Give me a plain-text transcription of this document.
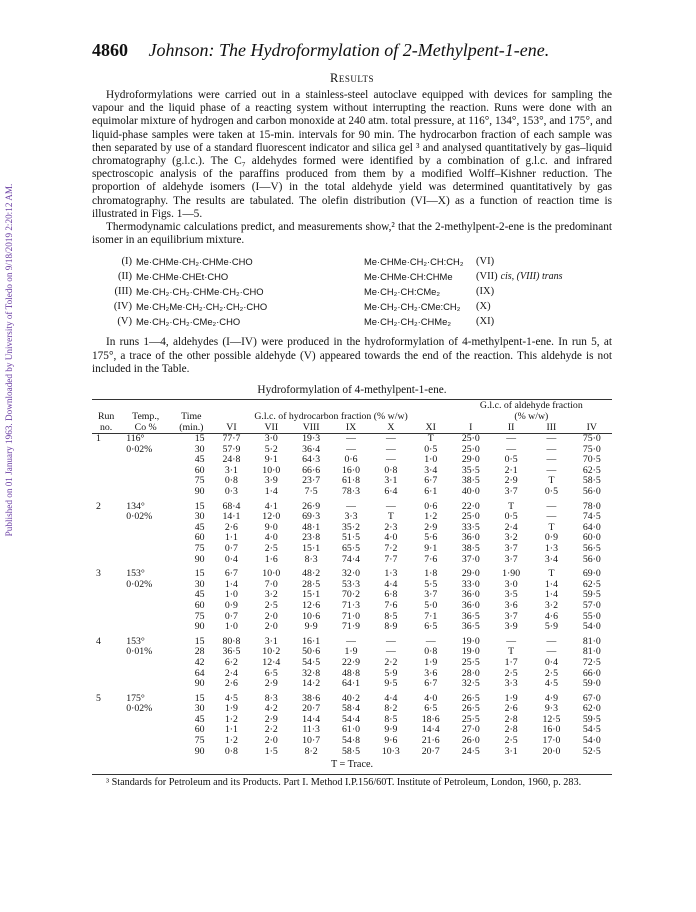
Published on 01 January 1963. Downloaded by University of Toledo on 9/18/2019 2:20:12 AM.
4860 Johnson: The Hydroformylation of 2-Methylpent-1-ene.
Results

Hydroformylations were carried out in a stainless-steel autoclave equipped with devices for sampling the vapour and the liquid phase of a reacting system without interrupting the reaction. Runs were done with an equimolar mixture of hydrogen and carbon monoxide at 240 atm. total pressure, at 116°, 134°, 153°, and 175°, and liquid-phase samples were taken at 15-min. intervals for 90 min. The hydrocarbon fraction of each sample was then separated by use of a standard fluorescent indicator and silica gel ³ and analysed quantitatively by gas–liquid chromatography (g.l.c.). The C₇ aldehydes formed were identified by a combination of g.l.c. and infrared spectroscopic analysis of the paraffins produced from them by a modified Wolff–Kishner reduction. The proportion of aldehyde isomers (I—V) in the total aldehyde yield was determined quantitatively by gas chromatography. The results are tabulated. The olefin distribution (VI—X) as a function of reaction time is illustrated in Figs. 1—5.

Thermodynamic calculations predict, and measurements show,² that the 2-methylpent-2-ene is the predominant isomer in an equilibrium mixture.

(I) Me·CHMe·CH₂·CHMe·CHO
(II) Me·CHMe·CHEt·CHO
(III) Me·CH₂·CH₂·CHMe·CH₂·CHO
(IV) Me·CH₂Me·CH₂·CH₂·CH₂·CHO
(V) Me·CH₂·CH₂·CMe₂·CHO
Me·CHMe·CH₂·CH:CH₂	(VI)
Me·CHMe·CH:CHMe	(VII) cis, (VIII) trans
Me·CH₂·CH:CMe₂	(IX)
Me·CH₂·CH₂·CMe:CH₂	(X)
Me·CH₂·CH₂·CHMe₂	(XI)

In runs 1—4, aldehydes (I—IV) were produced in the hydroformylation of 4-methylpent-1-ene. In run 5, at 175°, a trace of the other possible aldehyde (V) appeared towards the end of the reaction. This aldehyde is not included in the Table.

Hydroformylation of 4-methylpent-1-ene.
									G.l.c. of aldehyde fraction			
Run	Temp.,	Time	G.l.c. of hydrocarbon fraction (% w/w)						(% w/w)			
no.	Co %	(min.)	VI	VII	VIII	IX	X	XI	I	II	III	IV
1	116°	15	77·7	3·0	19·3	—	—	T	25·0	—	—	75·0
	0·02%	30	57·9	5·2	36·4	—	—	0·5	25·0	—	—	75·0
		45	24·8	9·1	64·3	0·6	—	1·0	29·0	0·5	—	70·5
		60	3·1	10·0	66·6	16·0	0·8	3·4	35·5	2·1	—	62·5
		75	0·8	3·9	23·7	61·8	3·1	6·7	38·5	2·9	T	58·5
		90	0·3	1·4	7·5	78·3	6·4	6·1	40·0	3·7	0·5	56·0
2	134°	15	68·4	4·1	26·9	—	—	0·6	22·0	T	—	78·0
	0·02%	30	14·1	12·0	69·3	3·3	T	1·2	25·0	0·5	—	74·5
		45	2·6	9·0	48·1	35·2	2·3	2·9	33·5	2·4	T	64·0
		60	1·1	4·0	23·8	51·5	4·0	5·6	36·0	3·2	0·9	60·0
		75	0·7	2·5	15·1	65·5	7·2	9·1	38·5	3·7	1·3	56·5
		90	0·4	1·6	8·3	74·4	7·7	7·6	37·0	3·7	3·4	56·0
3	153°	15	6·7	10·0	48·2	32·0	1·3	1·8	29·0	1·90	T	69·0
	0·02%	30	1·4	7·0	28·5	53·3	4·4	5·5	33·0	3·0	1·4	62·5
		45	1·0	3·2	15·1	70·2	6·8	3·7	36·0	3·5	1·4	59·5
		60	0·9	2·5	12·6	71·3	7·6	5·0	36·0	3·6	3·2	57·0
		75	0·7	2·0	10·6	71·0	8·5	7·1	36·5	3·7	4·6	55·0
		90	1·0	2·0	9·9	71·9	8·9	6·5	36·5	3·9	5·9	54·0
4	153°	15	80·8	3·1	16·1	—	—	—	19·0	—	—	81·0
	0·01%	28	36·5	10·2	50·6	1·9	—	0·8	19·0	T	—	81·0
		42	6·2	12·4	54·5	22·9	2·2	1·9	25·5	1·7	0·4	72·5
		64	2·4	6·5	32·8	48·8	5·9	3·6	28·0	2·5	2·5	66·0
		90	2·6	2·9	14·2	64·1	9·5	6·7	32·5	3·3	4·5	59·0
5	175°	15	4·5	8·3	38·6	40·2	4·4	4·0	26·5	1·9	4·9	67·0
	0·02%	30	1·9	4·2	20·7	58·4	8·2	6·5	26·5	2·6	9·3	62·0
		45	1·2	2·9	14·4	54·4	8·5	18·6	25·5	2·8	12·5	59·5
		60	1·1	2·2	11·3	61·0	9·9	14·4	27·0	2·8	16·0	54·5
		75	1·2	2·0	10·7	54·8	9·6	21·6	26·0	2·5	17·0	54·0
		90	0·8	1·5	8·2	58·5	10·3	20·7	24·5	3·1	20·0	52·5
T = Trace.
³ Standards for Petroleum and its Products. Part I. Method I.P.156/60T. Institute of Petroleum, London, 1960, p. 283.
